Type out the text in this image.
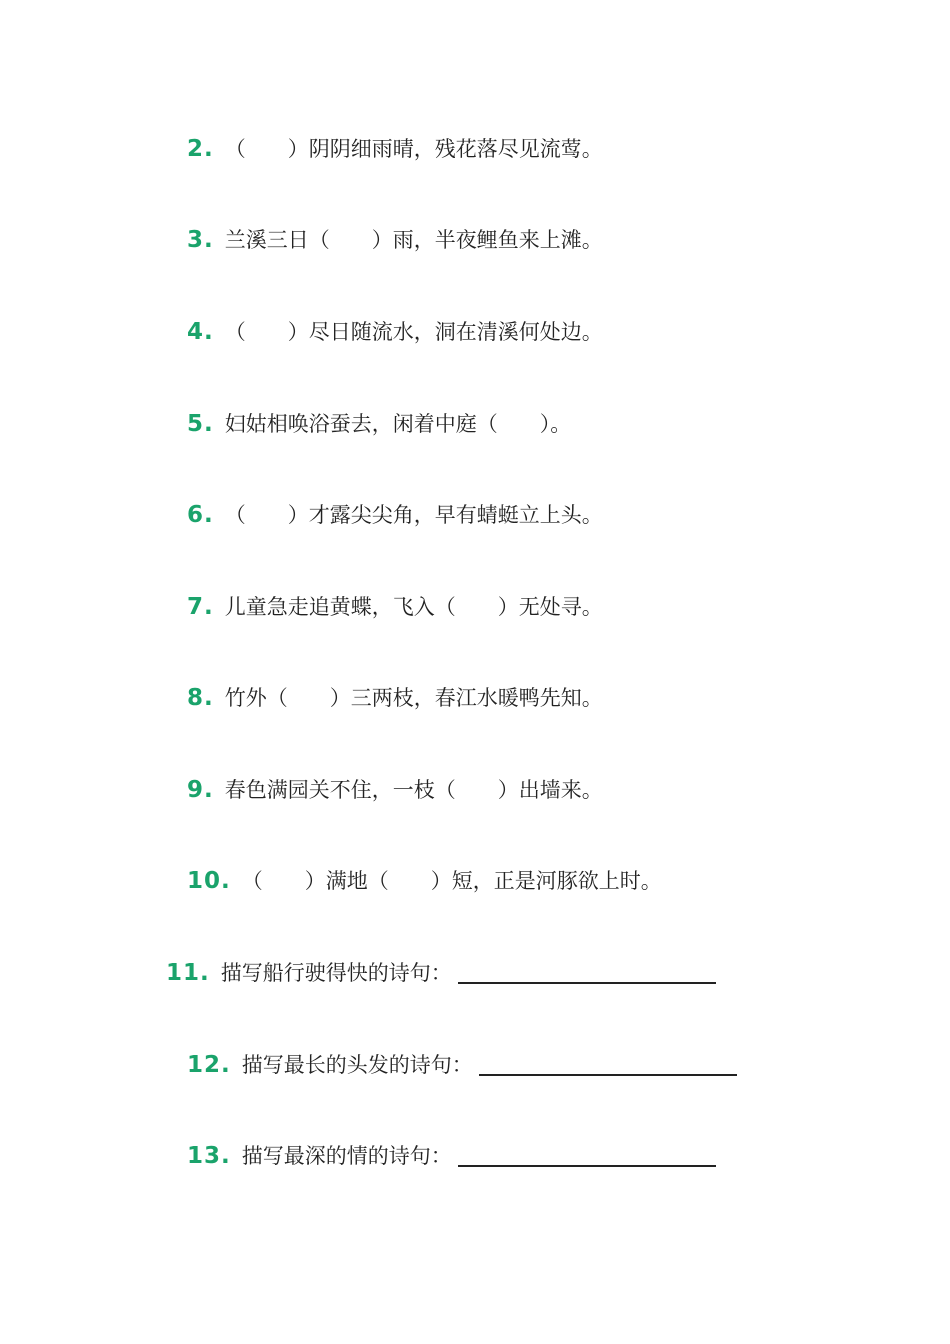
2 . （　　）阴阴细雨晴，残花落尽见流莺。
3 . 兰溪三日（　　）雨，半夜鲤鱼来上滩。
4 . （　　）尽日随流水，洞在清溪何处边。
5 . 妇姑相唤浴蚕去，闲着中庭（　　）。
6 . （　　）才露尖尖角，早有蜻蜓立上头。
7 . 儿童急走追黄蝶，飞入（　　）无处寻。
8 . 竹外（　　）三两枝，春江水暖鸭先知。
9 . 春色满园关不住，一枝（　　）出墙来。
10 . （　　）满地（　　）短，正是河豚欲上时。
11 . 描写船行驶得快的诗句：
12 . 描写最长的头发的诗句：
13 . 描写最深的情的诗句：
